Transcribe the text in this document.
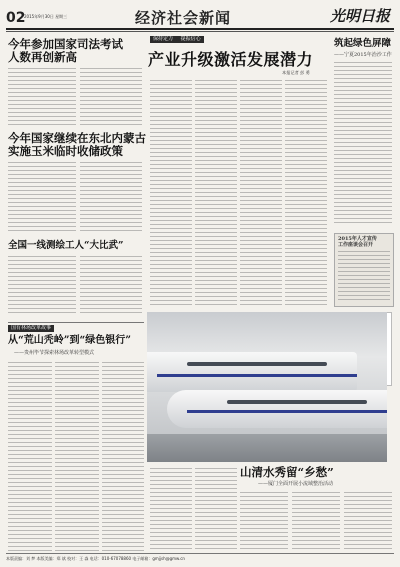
02
2015年9月30日 星期三	经济社会新闻	光明日报
今年参加国家司法考试
人数再创新高
今年国家继续在东北内蒙古
实施玉米临时收储政策
全国一线测绘工人“大比武”
国有林场改革故事
从“荒山秃岭”到“绿色银行”
——贵州毕节探索林场改革转型模式
保持定力 提振信心
产业升级激活发展潜力
本报记者 彭 勇
筑起绿色屏障
——宁夏2015年治沙工作
2015年人才宣传
工作座谈会召开
山清水秀留“乡愁”
——厦门全面开展小流域整治活动
本版责编：刘 梦 本版美编：郑 斌 校对：王 淼 电话：010-67078860 电子邮箱：gmjjsh@gmw.cn
